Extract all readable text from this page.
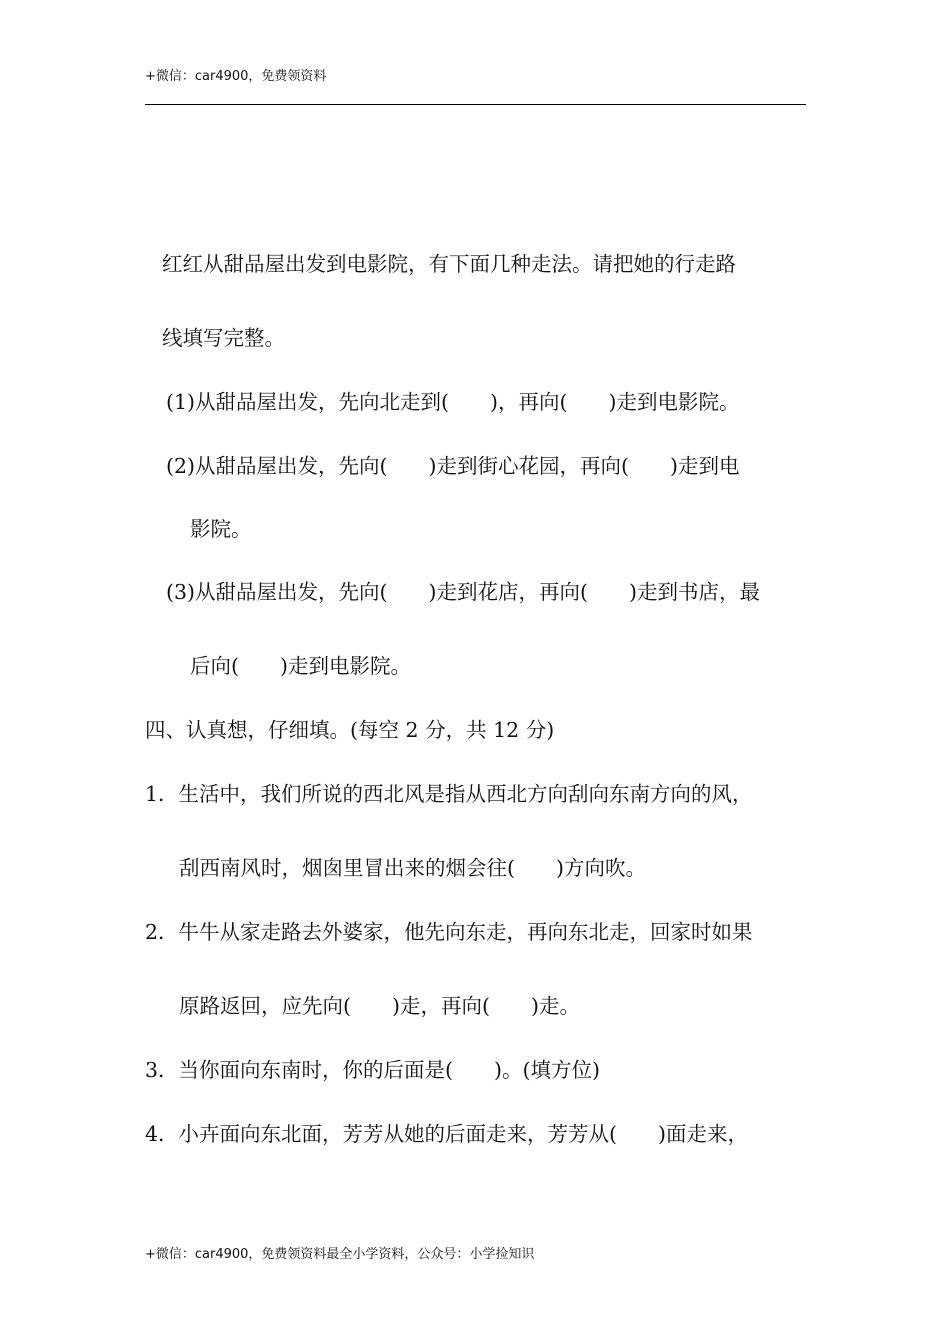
+微信：car4900，免费领资料
红红从甜品屋出发到电影院，有下面几种走法。请把她的行走路
线填写完整。
(1)从甜品屋出发，先向北走到(　　)，再向(　　)走到电影院。
(2)从甜品屋出发，先向(　　)走到街心花园，再向(　　)走到电
影院。
(3)从甜品屋出发，先向(　　)走到花店，再向(　　)走到书店，最
后向(　　)走到电影院。
四、认真想，仔细填。(每空 2 分，共 12 分)
1．生活中，我们所说的西北风是指从西北方向刮向东南方向的风，
刮西南风时，烟囱里冒出来的烟会往(　　)方向吹。
2．牛牛从家走路去外婆家，他先向东走，再向东北走，回家时如果
原路返回，应先向(　　)走，再向(　　)走。
3．当你面向东南时，你的后面是(　　)。(填方位)
4．小卉面向东北面，芳芳从她的后面走来，芳芳从(　　)面走来，
+微信：car4900，免费领资料最全小学资料，公众号：小学捡知识
